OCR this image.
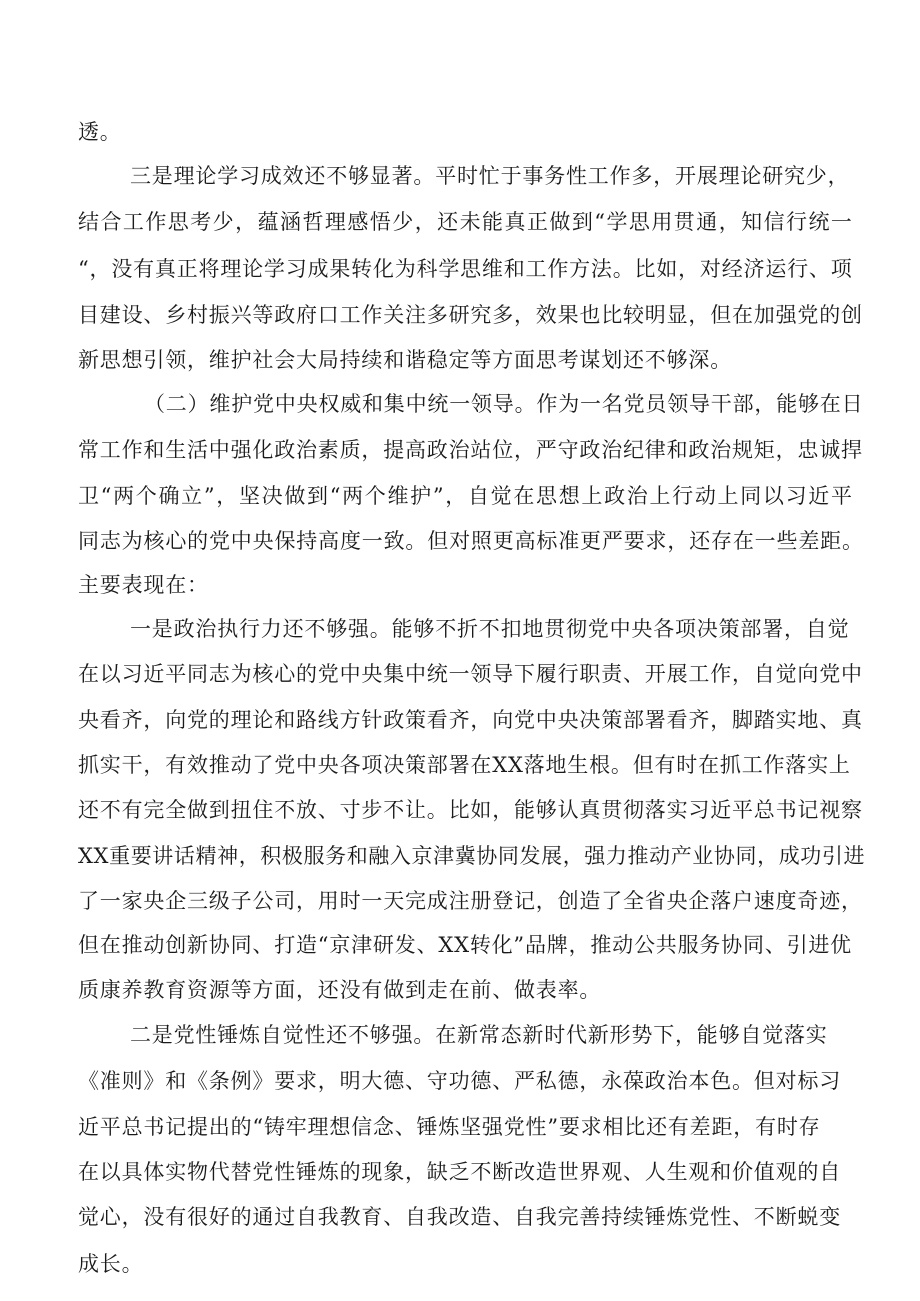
透。
三是理论学习成效还不够显著。平时忙于事务性工作多，开展理论研究少，
结合工作思考少，蕴涵哲理感悟少，还未能真正做到“学思用贯通，知信行统一
“，没有真正将理论学习成果转化为科学思维和工作方法。比如，对经济运行、项
目建设、乡村振兴等政府口工作关注多研究多，效果也比较明显，但在加强党的创
新思想引领，维护社会大局持续和谐稳定等方面思考谋划还不够深。
（二）维护党中央权威和集中统一领导。作为一名党员领导干部，能够在日
常工作和生活中强化政治素质，提高政治站位，严守政治纪律和政治规矩，忠诚捍
卫“两个确立”，坚决做到“两个维护”，自觉在思想上政治上行动上同以习近平
同志为核心的党中央保持高度一致。但对照更高标准更严要求，还存在一些差距。
主要表现在：
一是政治执行力还不够强。能够不折不扣地贯彻党中央各项决策部署，自觉
在以习近平同志为核心的党中央集中统一领导下履行职责、开展工作，自觉向党中
央看齐，向党的理论和路线方针政策看齐，向党中央决策部署看齐，脚踏实地、真
抓实干，有效推动了党中央各项决策部署在XX落地生根。但有时在抓工作落实上
还不有完全做到扭住不放、寸步不让。比如，能够认真贯彻落实习近平总书记视察
XX重要讲话精神，积极服务和融入京津冀协同发展，强力推动产业协同，成功引进
了一家央企三级子公司，用时一天完成注册登记，创造了全省央企落户速度奇迹，
但在推动创新协同、打造“京津研发、XX转化”品牌，推动公共服务协同、引进优
质康养教育资源等方面，还没有做到走在前、做表率。
二是党性锤炼自觉性还不够强。在新常态新时代新形势下，能够自觉落实
《准则》和《条例》要求，明大德、守功德、严私德，永葆政治本色。但对标习
近平总书记提出的“铸牢理想信念、锤炼坚强党性”要求相比还有差距，有时存
在以具体实物代替党性锤炼的现象，缺乏不断改造世界观、人生观和价值观的自
觉心，没有很好的通过自我教育、自我改造、自我完善持续锤炼党性、不断蜕变
成长。
